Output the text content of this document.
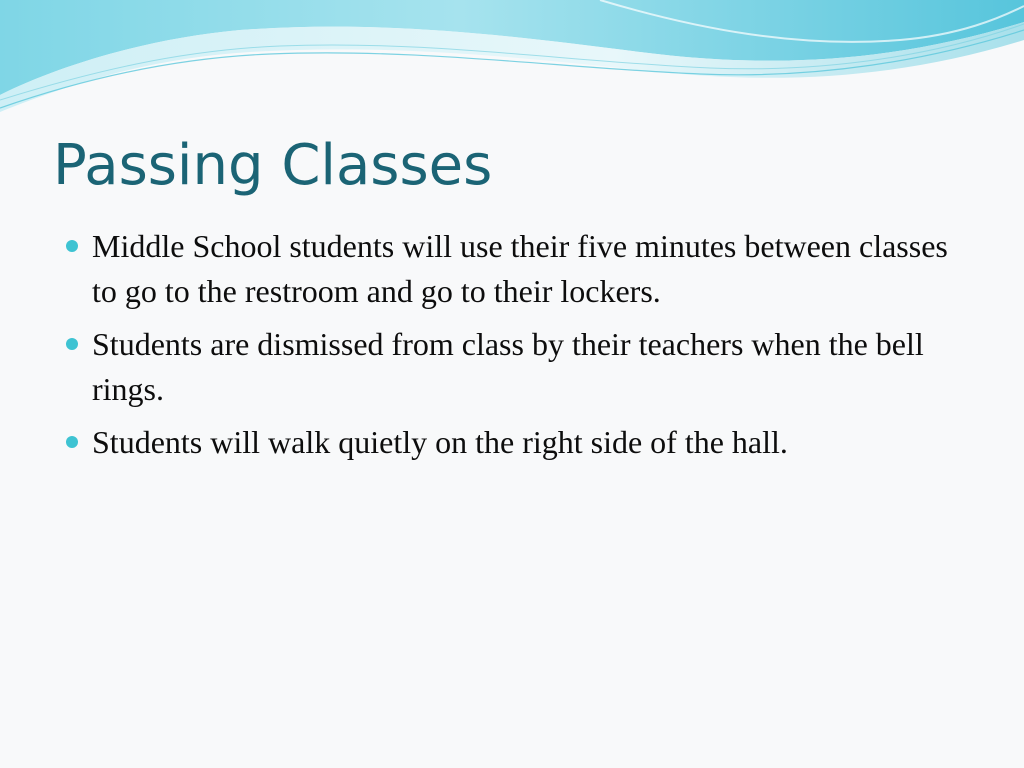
Passing Classes
Middle School students will use their five minutes between classes to go to the restroom and go to their lockers.
Students are dismissed from class by their teachers when the bell rings.
Students will walk quietly on the right side of the hall.
